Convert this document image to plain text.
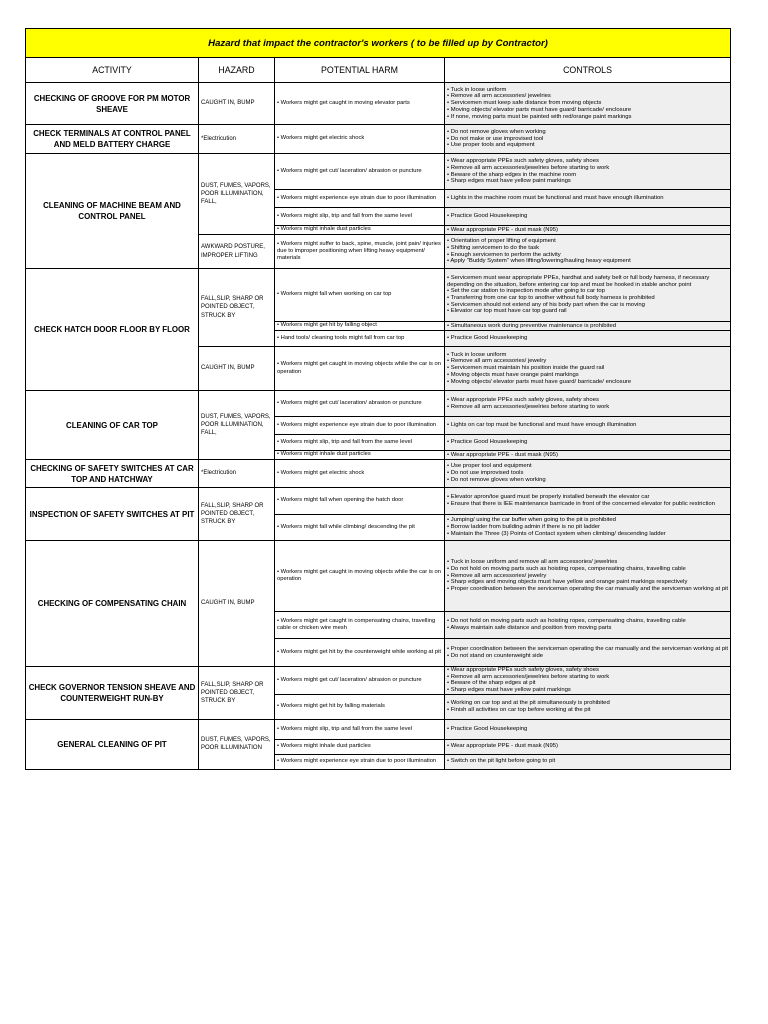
Hazard that impact the contractor's workers ( to be filled up by Contractor)			
ACTIVITY	HAZARD	POTENTIAL HARM	CONTROLS
CHECKING OF GROOVE FOR PM MOTOR SHEAVE	CAUGHT IN, BUMP	• Workers might get caught in moving elevator parts	• Tuck in loose uniform
• Remove all arm accessories/ jewelries
• Servicemen must keep safe distance from moving objects
• Moving objects/ elevator parts must have guard/ barricade/ enclosure
• If none, moving parts must be painted with red/orange paint markings

CHECK TERMINALS AT CONTROL PANEL AND MELD BATTERY CHARGE	*Electricution	• Workers might get electric shock	• Do not remove gloves when working
• Do not make or use improvised tool
• Use proper tools and equipment

CLEANING OF MACHINE BEAM AND CONTROL PANEL	DUST, FUMES, VAPORS, POOR ILLUMINATION, FALL,	• Workers might get cut/ laceration/ abrasion or puncture	• Wear appropriate PPEs such safety gloves, safety shoes
• Remove all arm accessories/jewelries before starting to work
• Beware of the sharp edges in the machine room
• Sharp edges must have yellow paint markings

		• Workers might experience eye strain due to poor illumination	• Lights in the machine room must be functional and must have enough illumination

		• Workers might slip, trip and fall from the same level	• Practice Good Housekeeping

		• Workers might inhale dust particles	• Wear appropriate PPE - dust mask (N95)

	AWKWARD POSTURE, IMPROPER LIFTING	• Workers might suffer to back, spine, muscle, joint pain/ injuries due to improper positioning when lifting heavy equipment/ materials	• Orientation of proper lifting of equipment
• Shifting servicemen to do the task
• Enough servicemen to perform the activity
• Apply "Buddy System" when lifting/lowering/hauling heavy equipment

CHECK HATCH DOOR FLOOR BY FLOOR	FALL,SLIP, SHARP OR POINTED OBJECT, STRUCK BY	• Workers might fall when working on car top	• Servicemen must wear appropriate PPEs, hardhat and safety belt or full body harness, if necessary depending on the situation, before entering car top and must be hooked in stable anchor point
• Set the car station to inspection mode after going to car top
• Transferring from one car top to another without full body harness is prohibited
• Servicemen should not extend any of his body part when the car is moving
• Elevator car top must have car top guard rail

		• Workers might get hit by falling object	• Simultaneous work during preventive maintenance is prohibited

		• Hand tools/ cleaning tools might fall from car top	• Practice Good Housekeeping

	CAUGHT IN, BUMP	• Workers might get caught in moving objects while the car is on operation	• Tuck in loose uniform
• Remove all arm accessories/ jewelry
• Servicemen must maintain his position inside the guard rail
• Moving objects must have orange paint markings
• Moving objects/ elevator parts must have guard/ barricade/ enclosure

CLEANING OF CAR TOP	DUST, FUMES, VAPORS, POOR ILLUMINATION, FALL,	• Workers might get cut/ laceration/ abrasion or puncture	• Wear appropriate PPEs such safety gloves, safety shoes
• Remove all arm accessories/jewelries before starting to work

		• Workers might experience eye strain due to poor illumination	• Lights on car top must be functional and must have enough illumination

		• Workers might slip, trip and fall from the same level	• Practice Good Housekeeping

		• Workers might inhale dust particles	• Wear appropriate PPE - dust mask (N95)

CHECKING OF SAFETY SWITCHES AT CAR TOP AND HATCHWAY	*Electricution	• Workers might get electric shock	• Use proper tool and equipment
• Do not use improvised tools
• Do not remove gloves when working

INSPECTION OF SAFETY SWITCHES AT PIT	FALL,SLIP, SHARP OR POINTED OBJECT, STRUCK BY	• Workers might fall when opening the hatch door	• Elevator apron/toe guard must be properly installed beneath the elevator car
• Ensure that there is IEE maintenance barricade in front of the concerned elevator for public restriction

		• Workers might fall while climbing/ descending the pit	• Jumping/ using the car buffer when going to the pit is prohibited
• Borrow ladder from building admin if there is no pit ladder
• Maintain the Three (3) Points of Contact system when climbing/ descending ladder

CHECKING OF COMPENSATING CHAIN	CAUGHT IN, BUMP	• Workers might get caught in moving objects while the car is on operation	• Tuck in loose uniform and remove all arm accessories/ jewelries
• Do not hold on moving parts such as hoisting ropes, compensating chains, travelling cable
• Remove all arm accessories/ jewelry
• Sharp edges and moving objects must have yellow and orange paint markings respectively
• Proper coordination between the serviceman operating the car manually and the serviceman working at pit

		• Workers might get caught in compensating chains, travelling cable or chicken wire mesh	• Do not hold on moving parts such as hoisting ropes, compensating chains, travelling cable
• Always maintain safe distance and position from moving parts

		• Workers might get hit by the counterweight while working at pit	• Proper coordination between the serviceman operating the car manually and the serviceman working at pit
• Do not stand on counterweight side

CHECK GOVERNOR TENSION SHEAVE AND COUNTERWEIGHT RUN-BY	FALL,SLIP, SHARP OR POINTED OBJECT, STRUCK BY	• Workers might get cut/ laceration/ abrasion or puncture	• Wear appropriate PPEs such safety gloves, safety shoes
• Remove all arm accessories/jewelries before starting to work
• Beware of the sharp edges at pit
• Sharp edges must have yellow paint markings

		• Workers might get hit by falling materials	• Working on car top and at the pit simultaneously is prohibited
• Finish all activities on car top before working at the pit

GENERAL CLEANING OF PIT	DUST, FUMES, VAPORS, POOR ILLUMINATION	• Workers might slip, trip and fall from the same level	• Practice Good Housekeeping

		• Workers might inhale dust particles	• Wear appropriate PPE - dust mask (N95)

		• Workers might experience eye strain due to poor illumination	• Switch on the pit light before going to pit
